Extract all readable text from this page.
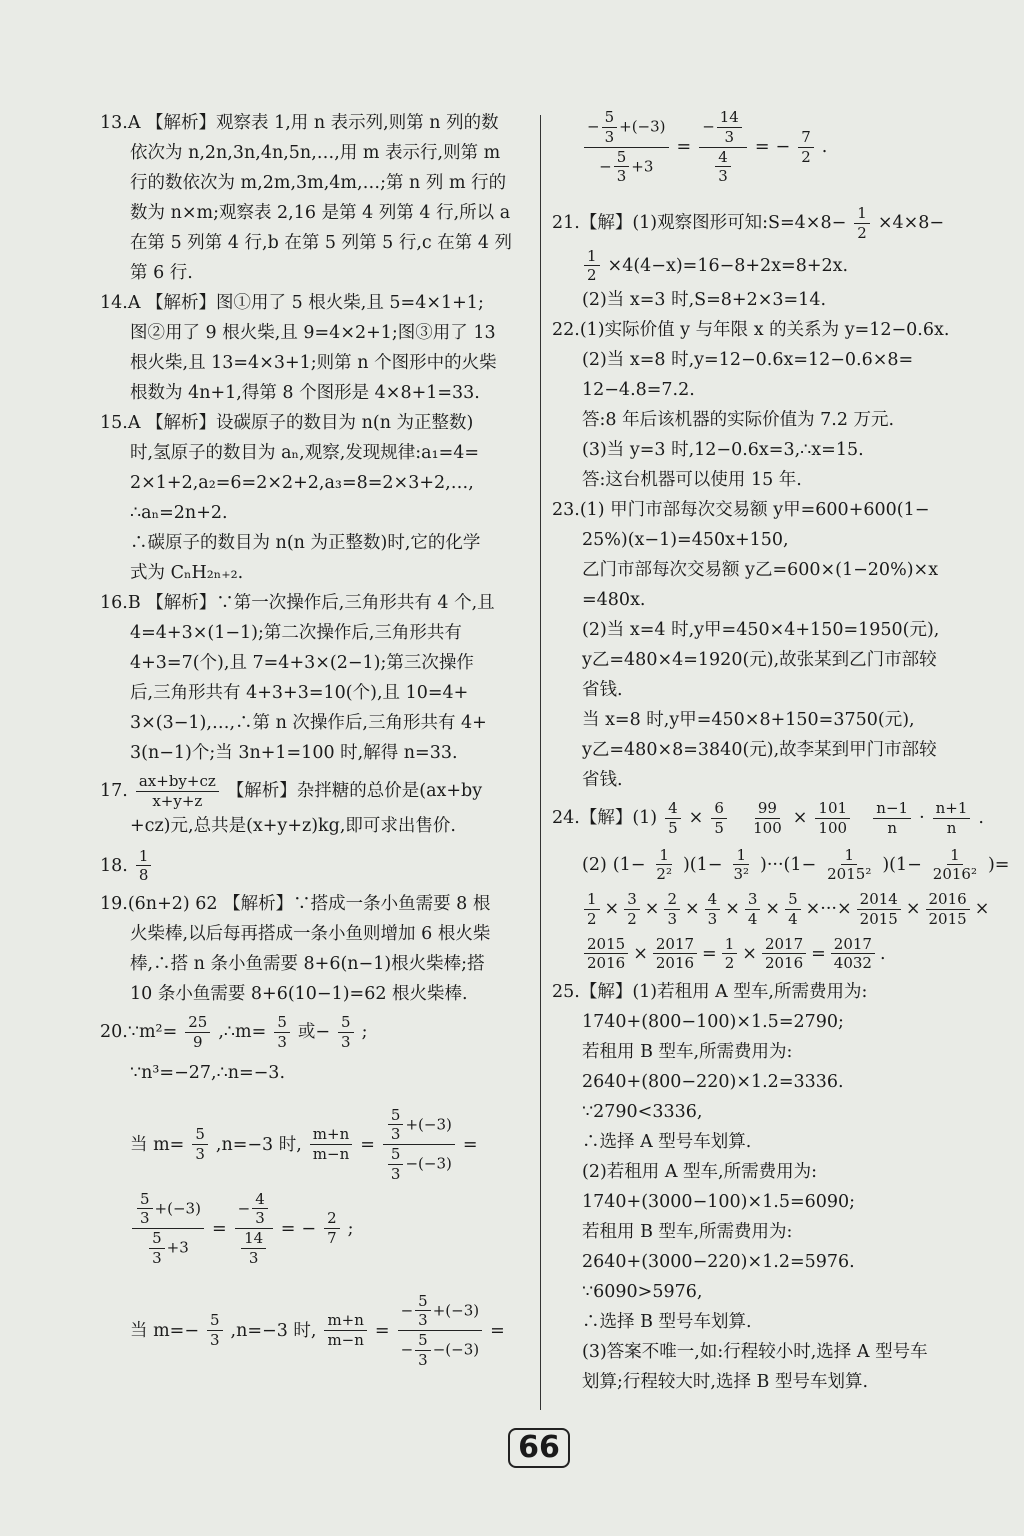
13.A 【解析】观察表 1,用 n 表示列,则第 n 列的数
依次为 n,2n,3n,4n,5n,…,用 m 表示行,则第 m
行的数依次为 m,2m,3m,4m,…;第 n 列 m 行的
数为 n×m;观察表 2,16 是第 4 列第 4 行,所以 a
在第 5 列第 4 行,b 在第 5 列第 5 行,c 在第 4 列
第 6 行.
14.A 【解析】图①用了 5 根火柴,且 5=4×1+1;
图②用了 9 根火柴,且 9=4×2+1;图③用了 13
根火柴,且 13=4×3+1;则第 n 个图形中的火柴
根数为 4n+1,得第 8 个图形是 4×8+1=33.
15.A 【解析】设碳原子的数目为 n(n 为正整数)
时,氢原子的数目为 aₙ,观察,发现规律:a₁=4=
2×1+2,a₂=6=2×2+2,a₃=8=2×3+2,…,
∴aₙ=2n+2.
∴碳原子的数目为 n(n 为正整数)时,它的化学
式为 CₙH₂ₙ₊₂.
16.B 【解析】∵第一次操作后,三角形共有 4 个,且
4=4+3×(1−1);第二次操作后,三角形共有
4+3=7(个),且 7=4+3×(2−1);第三次操作
后,三角形共有 4+3+3=10(个),且 10=4+
3×(3−1),…,∴第 n 次操作后,三角形共有 4+
3(n−1)个;当 3n+1=100 时,解得 n=33.
17. $\frac{ax+by+cz}{x+y+z}$ 【解析】杂拌糖的总价是(ax+by
+cz)元,总共是(x+y+z)kg,即可求出售价.
18. $\frac{1}{8}$
19.(6n+2) 62 【解析】∵搭成一条小鱼需要 8 根
火柴棒,以后每再搭成一条小鱼则增加 6 根火柴
棒,∴搭 n 条小鱼需要 8+6(n−1)根火柴棒;搭
10 条小鱼需要 8+6(10−1)=62 根火柴棒.
20.∵m²= $\frac{25}{9}$ ,∴m= $\frac{5}{3}$ 或− $\frac{5}{3}$ ;
∵n³=−27,∴n=−3.
当 $m= \frac{5}{3} ,n=-3$ 时, $\frac{m+n}{m-n} = \frac{\frac{5}{3} +(-3)}{\frac{5}{3} -(-3)}$ =
$\frac{\frac{5}{3} +(-3)}{\frac{5}{3} +3} = \frac{- \frac{4}{3}}{\frac{14}{3}}$ = − $\frac{2}{7}$ ;
当 $m=- \frac{5}{3} ,n=-3$ 时, $\frac{m+n}{m-n} = \frac{- \frac{5}{3} +(-3)}{- \frac{5}{3} -(-3)}$ =
$\frac{- \frac{5}{3} +(-3)}{- \frac{5}{3} +3} = \frac{- \frac{14}{3}}{\frac{4}{3}}$ = − $\frac{7}{2}$ .
21.【解】(1)观察图形可知:S=4×8− $\frac{1}{2} \times 4\times 8-$
$\frac{1}{2} \times 4(4-x)=16-8+2x=8+2x$.
(2)当 x=3 时,S=8+2×3=14.
22.(1)实际价值 y 与年限 x 的关系为 y=12−0.6x.
(2)当 x=8 时,y=12−0.6x=12−0.6×8=
12−4.8=7.2.
答:8 年后该机器的实际价值为 7.2 万元.
(3)当 y=3 时,12−0.6x=3,∴x=15.
答:这台机器可以使用 15 年.
23.(1) 甲门市部每次交易额 y甲=600+600(1−
25%)(x−1)=450x+150,
乙门市部每次交易额 y乙=600×(1−20%)×x
=480x.
(2)当 x=4 时,y甲=450×4+150=1950(元),
y乙=480×4=1920(元),故张某到乙门市部较
省钱.
当 x=8 时,y甲=450×8+150=3750(元),
y乙=480×8=3840(元),故李某到甲门市部较
省钱.
24.【解】$(1) \frac{4}{5} \times \frac{6}{5} \frac{99}{100} \times \frac{101}{100} \frac{n-1}{n} \cdot \frac{n+1}{n}$ .
(2) $(1- \frac{1}{\text{2²}} )(1- \frac{1}{\text{3²}} )\cdot\cdot\cdot(1- \frac{1}{\text{2015²}} )(1- \frac{1}{\text{2016²}}$ )=
$\frac{1}{2} \times \frac{3}{2} \times \frac{2}{3} \times \frac{4}{3} \times \frac{3}{4} \times \frac{5}{4}$ ×···× $\frac{2014}{2015} \times \frac{2016}{2015}$ ×
$\frac{2015}{2016} \times \frac{2017}{2016} = \frac{1}{2} \times \frac{2017}{2016} = \frac{2017}{4032}$ .
25.【解】(1)若租用 A 型车,所需费用为:
1740+(800−100)×1.5=2790;
若租用 B 型车,所需费用为:
2640+(800−220)×1.2=3336.
∵2790<3336,
∴选择 A 型号车划算.
(2)若租用 A 型车,所需费用为:
1740+(3000−100)×1.5=6090;
若租用 B 型车,所需费用为:
2640+(3000−220)×1.2=5976.
∵6090>5976,
∴选择 B 型号车划算.
(3)答案不唯一,如:行程较小时,选择 A 型号车
划算;行程较大时,选择 B 型号车划算.
66
